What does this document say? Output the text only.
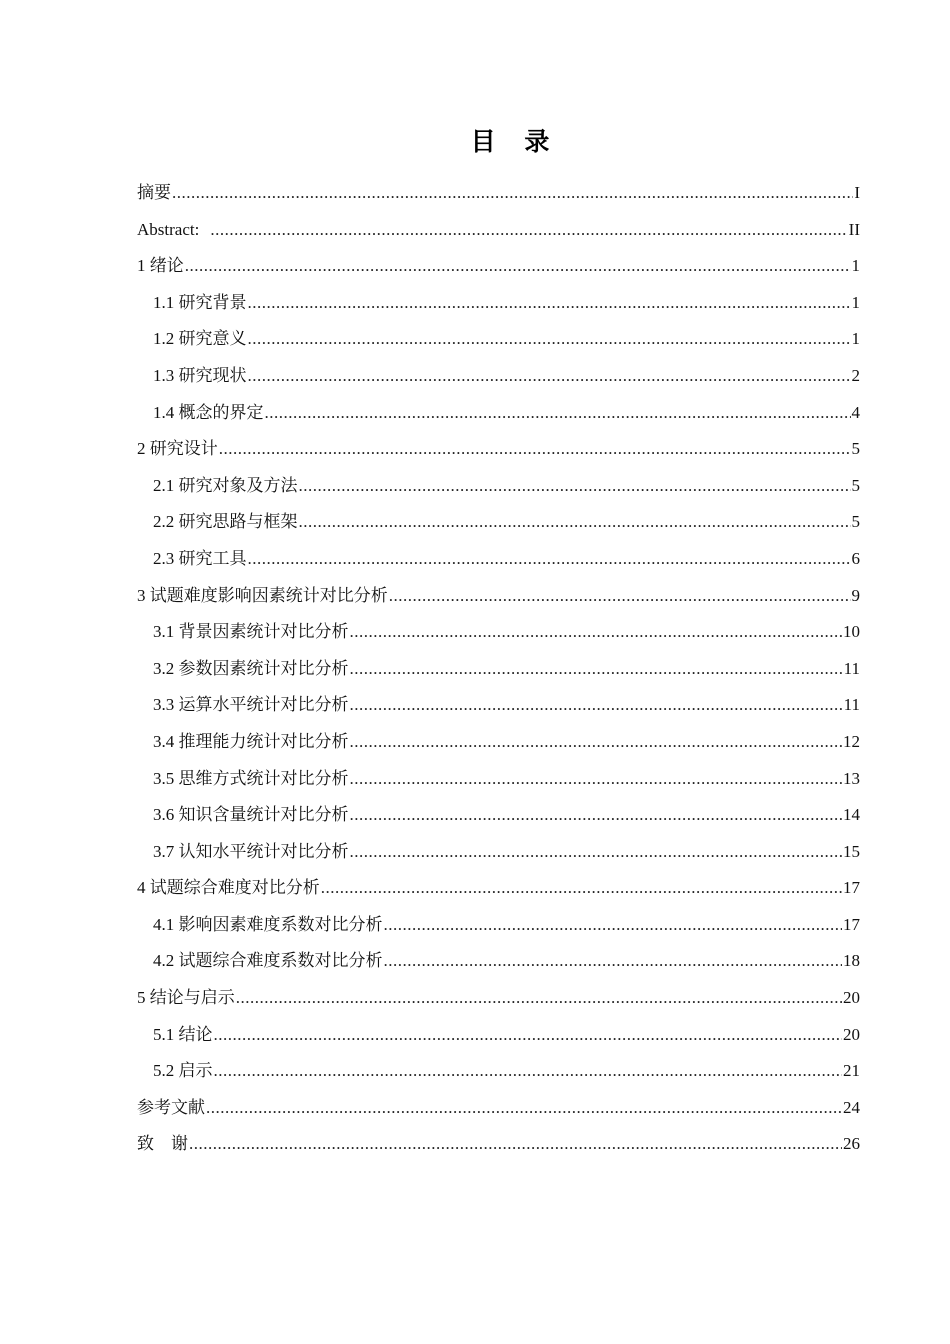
目 录
摘要 .....	I
Abstract: .....	II
1 绪论 .....	1
1.1 研究背景 .....	1
1.2 研究意义 .....	1
1.3 研究现状 .....	2
1.4 概念的界定 .....	4
2 研究设计 .....	5
2.1 研究对象及方法 .....	5
2.2 研究思路与框架 .....	5
2.3 研究工具 .....	6
3 试题难度影响因素统计对比分析 .....	9
3.1 背景因素统计对比分析 .....	10
3.2 参数因素统计对比分析 .....	11
3.3 运算水平统计对比分析 .....	11
3.4 推理能力统计对比分析 .....	12
3.5 思维方式统计对比分析 .....	13
3.6 知识含量统计对比分析 .....	14
3.7 认知水平统计对比分析 .....	15
4 试题综合难度对比分析 .....	17
4.1 影响因素难度系数对比分析 .....	17
4.2 试题综合难度系数对比分析 .....	18
5 结论与启示 .....	20
5.1 结论 .....	20
5.2 启示 .....	21
参考文献 .....	24
致　谢 .....	26
